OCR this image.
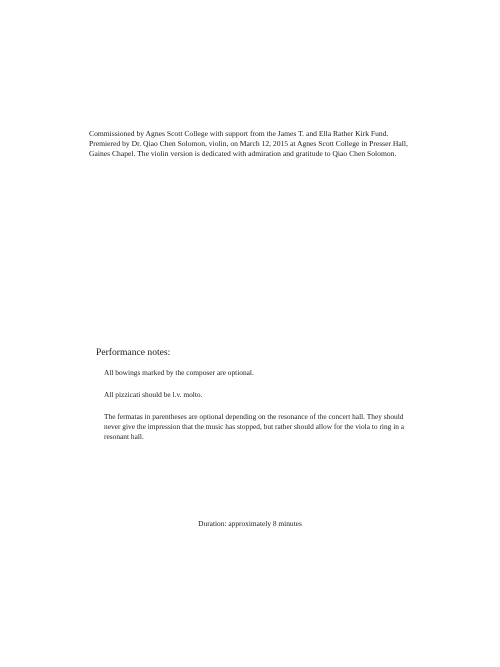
Commissioned by Agnes Scott College with support from the James T. and Ella Rather Kirk Fund. Premiered by Dr. Qiao Chen Solomon, violin, on March 12, 2015 at Agnes Scott College in Presser Hall, Gaines Chapel. The violin version is dedicated with admiration and gratitude to Qiao Chen Solomon.

Performance notes:
All bowings marked by the composer are optional.
All pizzicati should be l.v. molto.
The fermatas in parentheses are optional depending on the resonance of the concert hall. They should never give the impression that the music has stopped, but rather should allow for the viola to ring in a resonant hall.

Duration: approximately 8 minutes
